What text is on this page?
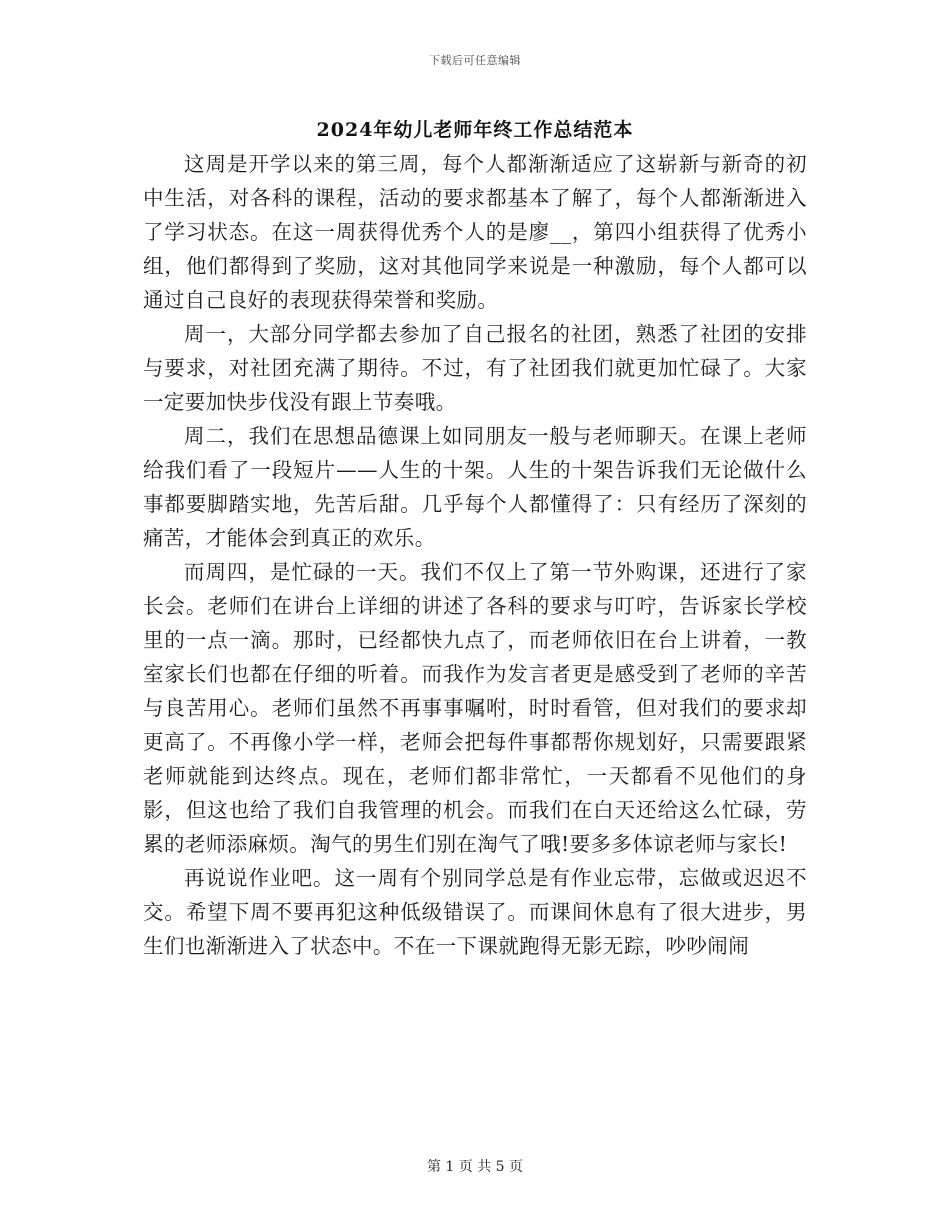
下载后可任意编辑
2024年幼儿老师年终工作总结范本

这周是开学以来的第三周，每个人都渐渐适应了这崭新与新奇的初中生活，对各科的课程，活动的要求都基本了解了，每个人都渐渐进入了学习状态。在这一周获得优秀个人的是廖__，第四小组获得了优秀小组，他们都得到了奖励，这对其他同学来说是一种激励，每个人都可以通过自己良好的表现获得荣誉和奖励。

周一，大部分同学都去参加了自己报名的社团，熟悉了社团的安排与要求，对社团充满了期待。不过，有了社团我们就更加忙碌了。大家一定要加快步伐没有跟上节奏哦。

周二，我们在思想品德课上如同朋友一般与老师聊天。在课上老师给我们看了一段短片——人生的十架。人生的十架告诉我们无论做什么事都要脚踏实地，先苦后甜。几乎每个人都懂得了：只有经历了深刻的痛苦，才能体会到真正的欢乐。

而周四，是忙碌的一天。我们不仅上了第一节外购课，还进行了家长会。老师们在讲台上详细的讲述了各科的要求与叮咛，告诉家长学校里的一点一滴。那时，已经都快九点了，而老师依旧在台上讲着，一教室家长们也都在仔细的听着。而我作为发言者更是感受到了老师的辛苦与良苦用心。老师们虽然不再事事嘱咐，时时看管，但对我们的要求却更高了。不再像小学一样，老师会把每件事都帮你规划好，只需要跟紧老师就能到达终点。现在，老师们都非常忙，一天都看不见他们的身影，但这也给了我们自我管理的机会。而我们在白天还给这么忙碌，劳累的老师添麻烦。淘气的男生们别在淘气了哦!要多多体谅老师与家长!

再说说作业吧。这一周有个别同学总是有作业忘带，忘做或迟迟不交。希望下周不要再犯这种低级错误了。而课间休息有了很大进步，男生们也渐渐进入了状态中。不在一下课就跑得无影无踪，吵吵闹闹

第 1 页 共 5 页
